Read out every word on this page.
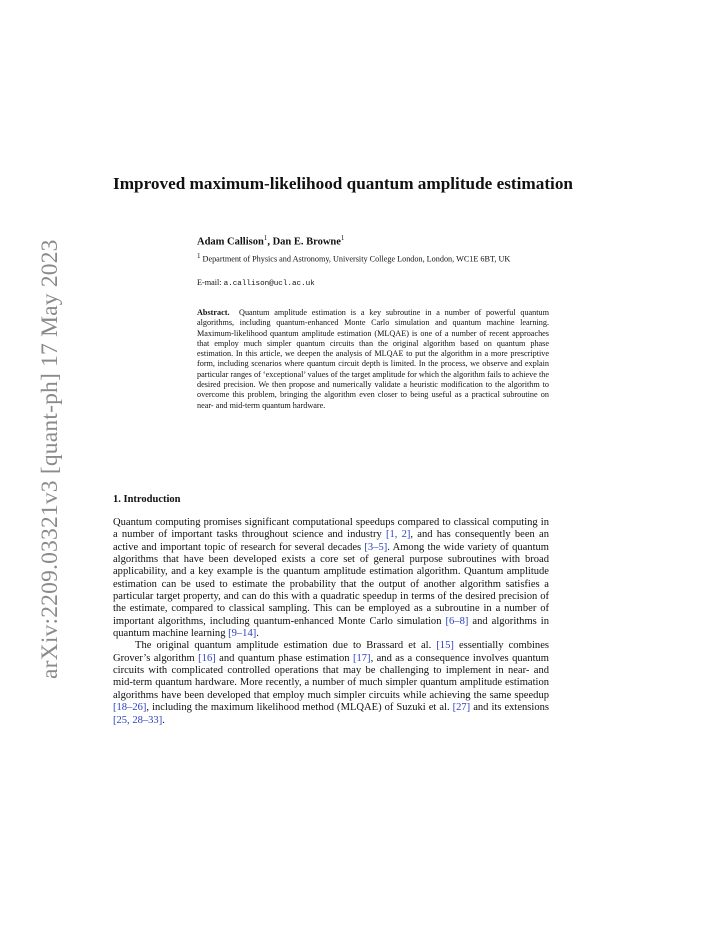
arXiv:2209.03321v3 [quant-ph] 17 May 2023
Improved maximum-likelihood quantum amplitude estimation
Adam Callison$^1$, Dan E. Browne$^1$
$^1$ Department of Physics and Astronomy, University College London, London, WC1E 6BT, UK
E-mail: a.callison@ucl.ac.uk

Abstract. Quantum amplitude estimation is a key subroutine in a number of powerful quantum algorithms, including quantum-enhanced Monte Carlo simulation and quantum machine learning. Maximum-likelihood quantum amplitude estimation (MLQAE) is one of a number of recent approaches that employ much simpler quantum circuits than the original algorithm based on quantum phase estimation. In this article, we deepen the analysis of MLQAE to put the algorithm in a more prescriptive form, including scenarios where quantum circuit depth is limited. In the process, we observe and explain particular ranges of ‘exceptional’ values of the target amplitude for which the algorithm fails to achieve the desired precision. We then propose and numerically validate a heuristic modification to the algorithm to overcome this problem, bringing the algorithm even closer to being useful as a practical subroutine on near- and mid-term quantum hardware.

1. Introduction

Quantum computing promises significant computational speedups compared to classical computing in a number of important tasks throughout science and industry [1, 2], and has consequently been an active and important topic of research for several decades [3–5]. Among the wide variety of quantum algorithms that have been developed exists a core set of general purpose subroutines with broad applicability, and a key example is the quantum amplitude estimation algorithm. Quantum amplitude estimation can be used to estimate the probability that the output of another algorithm satisfies a particular target property, and can do this with a quadratic speedup in terms of the desired precision of the estimate, compared to classical sampling. This can be employed as a subroutine in a number of important algorithms, including quantum-enhanced Monte Carlo simulation [6–8] and algorithms in quantum machine learning [9–14].

The original quantum amplitude estimation due to Brassard et al. [15] essentially combines Grover’s algorithm [16] and quantum phase estimation [17], and as a consequence involves quantum circuits with complicated controlled operations that may be challenging to implement in near- and mid-term quantum hardware. More recently, a number of much simpler quantum amplitude estimation algorithms have been developed that employ much simpler circuits while achieving the same speedup [18–26], including the maximum likelihood method (MLQAE) of Suzuki et al. [27] and its extensions [25, 28–33].
